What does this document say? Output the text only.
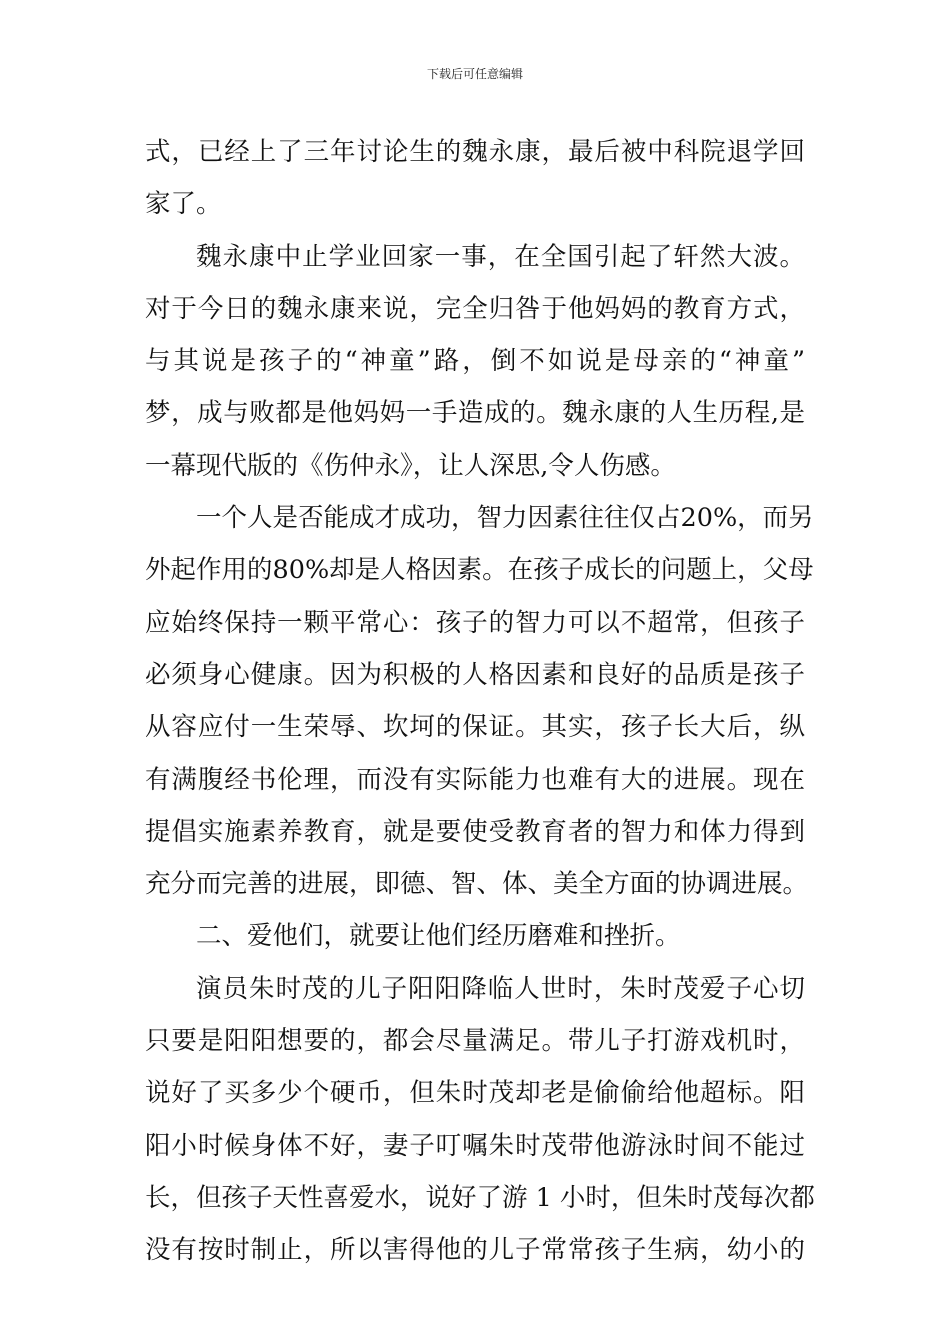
下载后可任意编辑
式，已经上了三年讨论生的魏永康，最后被中科院退学回
家了。
魏永康中止学业回家一事，在全国引起了轩然大波。
对于今日的魏永康来说，完全归咎于他妈妈的教育方式，
与其说是孩子的“神童”路，倒不如说是母亲的“神童”
梦，成与败都是他妈妈一手造成的。魏永康的人生历程,是
一幕现代版的《伤仲永》，让人深思,令人伤感。
一个人是否能成才成功，智力因素往往仅占20%，而另
外起作用的80%却是人格因素。在孩子成长的问题上，父母
应始终保持一颗平常心：孩子的智力可以不超常，但孩子
必须身心健康。因为积极的人格因素和良好的品质是孩子
从容应付一生荣辱、坎坷的保证。其实，孩子长大后，纵
有满腹经书伦理，而没有实际能力也难有大的进展。现在
提倡实施素养教育，就是要使受教育者的智力和体力得到
充分而完善的进展，即德、智、体、美全方面的协调进展。
二、爱他们，就要让他们经历磨难和挫折。
演员朱时茂的儿子阳阳降临人世时，朱时茂爱子心切
只要是阳阳想要的，都会尽量满足。带儿子打游戏机时，
说好了买多少个硬币，但朱时茂却老是偷偷给他超标。阳
阳小时候身体不好，妻子叮嘱朱时茂带他游泳时间不能过
长，但孩子天性喜爱水，说好了游 1 小时，但朱时茂每次都
没有按时制止，所以害得他的儿子常常孩子生病，幼小的
